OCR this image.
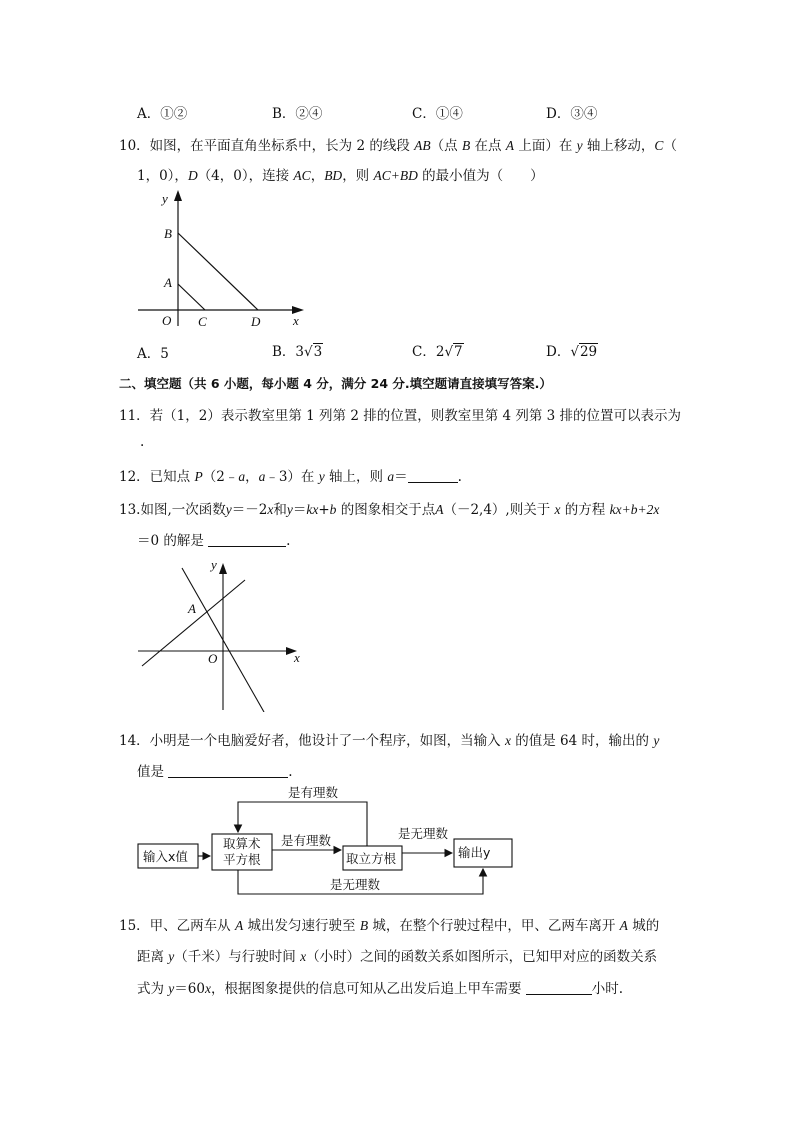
A．①②	B．②④	C．①④	D．③④
10．如图，在平面直角坐标系中，长为 2 的线段 AB（点 B 在点 A 上面）在 y 轴上移动，C（
1，0），D（4，0），连接 AC，BD，则 AC+BD 的最小值为（　　）
y
B
A
O C	D	x
A．5	B．3√3	C．2√7	D．√29
二、填空题（共 6 小题，每小题 4 分，满分 24 分.填空题请直接填写答案.）
11．若（1，2）表示教室里第 1 列第 2 排的位置，则教室里第 4 列第 3 排的位置可以表示为
.
12．已知点 P（2﹣a，a﹣3）在 y 轴上，则 a＝	.
13.如图,一次函数y＝－2x和y＝kx+b 的图象相交于点A（－2,4）,则关于 x 的方程 kx+b+2x
＝0 的解是	.
y
A
O	x
14．小明是一个电脑爱好者，他设计了一个程序，如图，当输入 x 的值是 64 时，输出的 y
值是	.
输入x值
取算术
平方根	取立方根	输出y
是有理数
是有理数
是无理数
是无理数
15．甲、乙两车从 A 城出发匀速行驶至 B 城，在整个行驶过程中，甲、乙两车离开 A 城的
距离 y（千米）与行驶时间 x（小时）之间的函数关系如图所示，已知甲对应的函数关系
式为 y＝60x，根据图象提供的信息可知从乙出发后追上甲车需要	小时.
